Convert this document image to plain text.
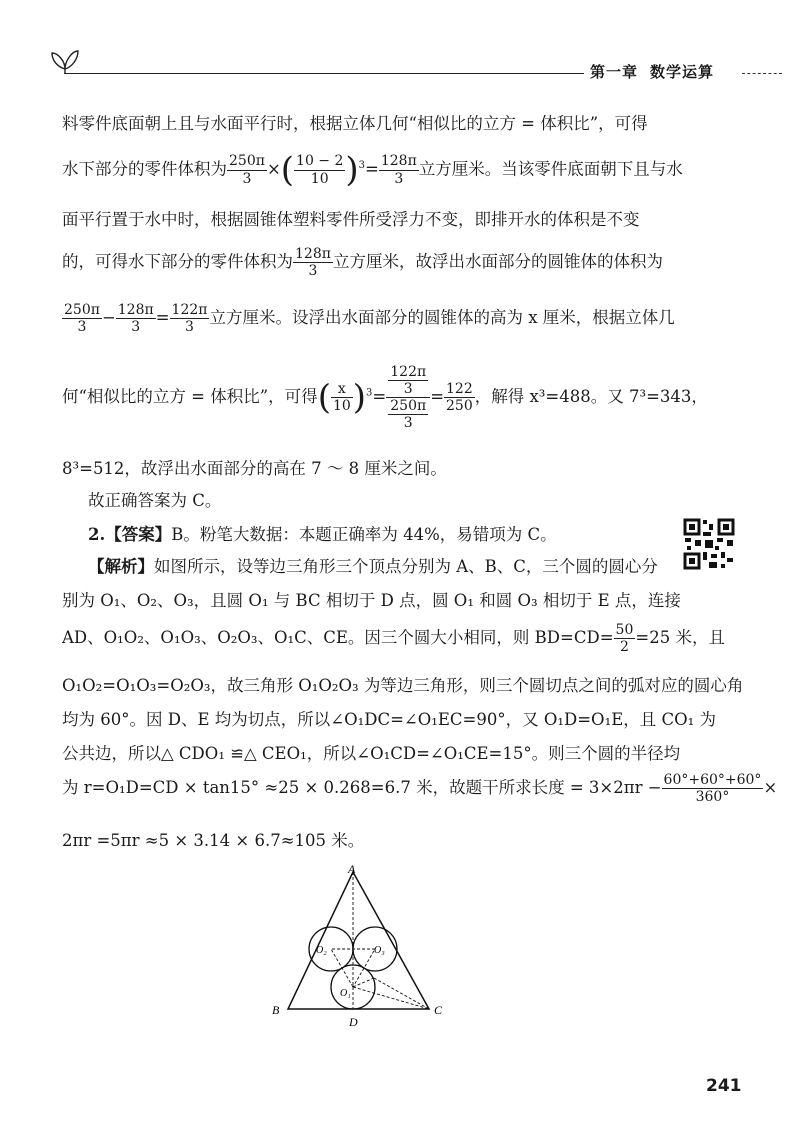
第一章 数学运算
料零件底面朝上且与水面平行时，根据立体几何“相似比的立方 = 体积比”，可得
水下部分的零件体积为 $\frac{250\pi}{3}$ ×( $\frac{10 - 2}{10} )^3= \frac{128\pi}{3}$ 立方厘米。当该零件底面朝下且与水
面平行置于水中时，根据圆锥体塑料零件所受浮力不变，即排开水的体积是不变
的，可得水下部分的零件体积为 $\frac{128\pi}{3}$ 立方厘米，故浮出水面部分的圆锥体的体积为
$\frac{250\pi}{3} - \frac{128\pi}{3} = \frac{122\pi}{3}$ 立方厘米。设浮出水面部分的圆锥体的高为 x 厘米，根据立体几
何“相似比的立方 = 体积比”，可得( $\frac{x}{10} )^3= \frac{\frac{122\pi}{3}}{\frac{250\pi}{3}} = \frac{122}{250}$ ，解得 x³=488。又 7³=343，
8³=512，故浮出水面部分的高在 7 ～ 8 厘米之间。
故正确答案为 C。
2.【答案】B。粉笔大数据：本题正确率为 44%，易错项为 C。
【解析】如图所示，设等边三角形三个顶点分别为 A、B、C，三个圆的圆心分
别为 O₁、O₂、O₃，且圆 O₁ 与 BC 相切于 D 点，圆 O₁ 和圆 O₃ 相切于 E 点，连接
AD、O₁O₂、O₁O₃、O₂O₃、O₁C、CE。因三个圆大小相同，则 $BD=CD= \frac{50}{2} =25$ 米，且
O₁O₂=O₁O₃=O₂O₃，故三角形 O₁O₂O₃ 为等边三角形，则三个圆切点之间的弧对应的圆心角
均为 60°。因 D、E 均为切点，所以∠O₁DC=∠O₁EC=90°，又 O₁D=O₁E，且 CO₁ 为
公共边，所以△ CDO₁ ≌△ CEO₁，所以∠O₁CD=∠O₁CE=15°。则三个圆的半径均
为 r=O₁D=CD × tan15° ≈25 × 0.268=6.7 米，故题干所求长度 = $3\times 2\pi r - \frac{60^\circ+60^\circ+60^\circ}{360^\circ}$ ×
2πr =5πr ≈5 × 3.14 × 6.7≈105 米。
A
B	C
D
O₁
O₂	O₃
241
